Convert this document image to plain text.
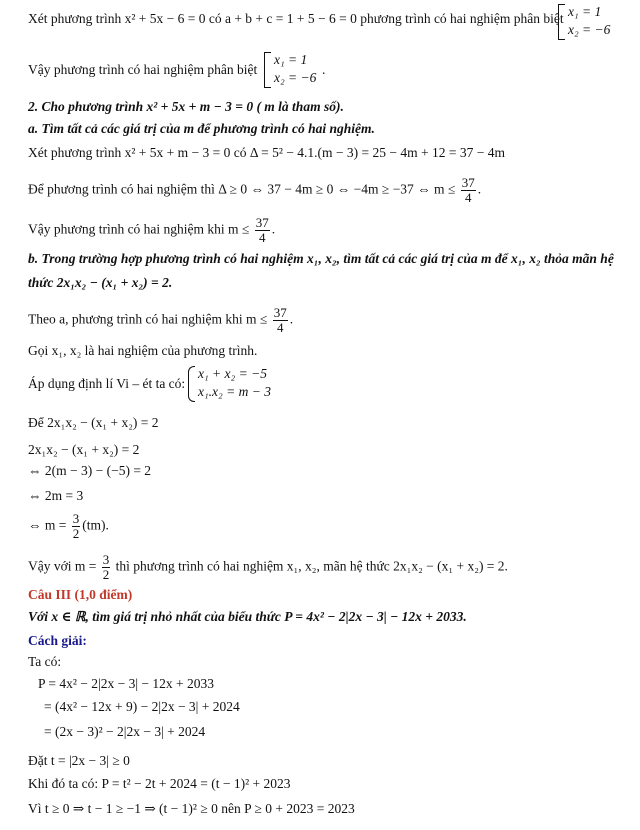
Xét phương trình x² + 5x − 6 = 0 có a + b + c = 1 + 5 − 6 = 0 phương trình có hai nghiệm phân biệt x₁ = 1
x₂ = −6
Vậy phương trình có hai nghiệm phân biệt
x₁ = 1
x₂ = −6
.
2. Cho phương trình x² + 5x + m − 3 = 0 ( m là tham số).
a. Tìm tất cả các giá trị của m để phương trình có hai nghiệm.
Xét phương trình x² + 5x + m − 3 = 0 có Δ = 5² − 4.1.(m − 3) = 25 − 4m + 12 = 37 − 4m
Để phương trình có hai nghiệm thì Δ ≥ 0 ⇔ 37 − 4m ≥ 0 ⇔ −4m ≥ −37 ⇔ $m \le \frac{37}{4}$ .
Vậy phương trình có hai nghiệm khi $m \le \frac{37}{4}$ .
b. Trong trường hợp phương trình có hai nghiệm x₁, x₂, tìm tất cả các giá trị của m để x₁, x₂ thỏa mãn hệ
thức 2x₁x₂ − (x₁ + x₂) = 2.
Theo a, phương trình có hai nghiệm khi $m \le \frac{37}{4}$ .
Gọi x₁, x₂ là hai nghiệm của phương trình.
Áp dụng định lí Vi – ét ta có:
x₁ + x₂ = −5
x₁.x₂ = m − 3
Để 2x₁x₂ − (x₁ + x₂) = 2
2x₁x₂ − (x₁ + x₂) = 2
⇔ 2(m − 3) − (−5) = 2
⇔ 2m = 3
⇔ $m = \frac{3}{2} (tm)$.
Vậy với $m = \frac{3}{2}$ thì phương trình có hai nghiệm x₁, x₂, mãn hệ thức 2x₁x₂ − (x₁ + x₂) = 2.
Câu III (1,0 điểm)
Với x ∈ ℝ, tìm giá trị nhỏ nhất của biểu thức P = 4x² − 2|2x − 3| − 12x + 2033.
Cách giải:
Ta có:
P = 4x² − 2|2x − 3| − 12x + 2033
= (4x² − 12x + 9) − 2|2x − 3| + 2024
= (2x − 3)² − 2|2x − 3| + 2024
Đặt t = |2x − 3| ≥ 0
Khi đó ta có: P = t² − 2t + 2024 = (t − 1)² + 2023
Vì t ≥ 0 ⇒ t − 1 ≥ −1 ⇒ (t − 1)² ≥ 0 nên P ≥ 0 + 2023 = 2023
